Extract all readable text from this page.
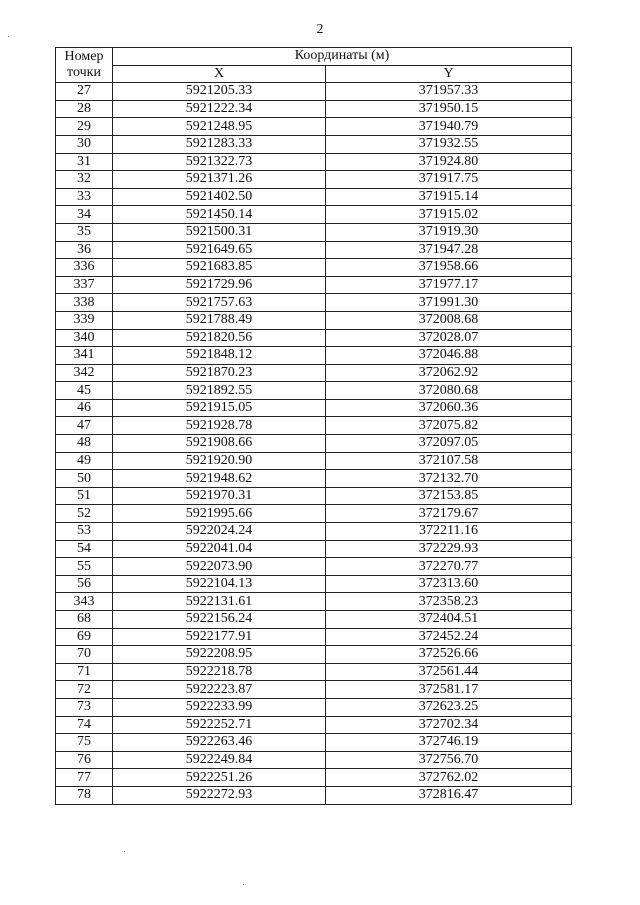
2
Номер
точки	Координаты (м)	
	X	Y
27	5921205.33	371957.33
28	5921222.34	371950.15
29	5921248.95	371940.79
30	5921283.33	371932.55
31	5921322.73	371924.80
32	5921371.26	371917.75
33	5921402.50	371915.14
34	5921450.14	371915.02
35	5921500.31	371919.30
36	5921649.65	371947.28
336	5921683.85	371958.66
337	5921729.96	371977.17
338	5921757.63	371991.30
339	5921788.49	372008.68
340	5921820.56	372028.07
341	5921848.12	372046.88
342	5921870.23	372062.92
45	5921892.55	372080.68
46	5921915.05	372060.36
47	5921928.78	372075.82
48	5921908.66	372097.05
49	5921920.90	372107.58
50	5921948.62	372132.70
51	5921970.31	372153.85
52	5921995.66	372179.67
53	5922024.24	372211.16
54	5922041.04	372229.93
55	5922073.90	372270.77
56	5922104.13	372313.60
343	5922131.61	372358.23
68	5922156.24	372404.51
69	5922177.91	372452.24
70	5922208.95	372526.66
71	5922218.78	372561.44
72	5922223.87	372581.17
73	5922233.99	372623.25
74	5922252.71	372702.34
75	5922263.46	372746.19
76	5922249.84	372756.70
77	5922251.26	372762.02
78	5922272.93	372816.47
